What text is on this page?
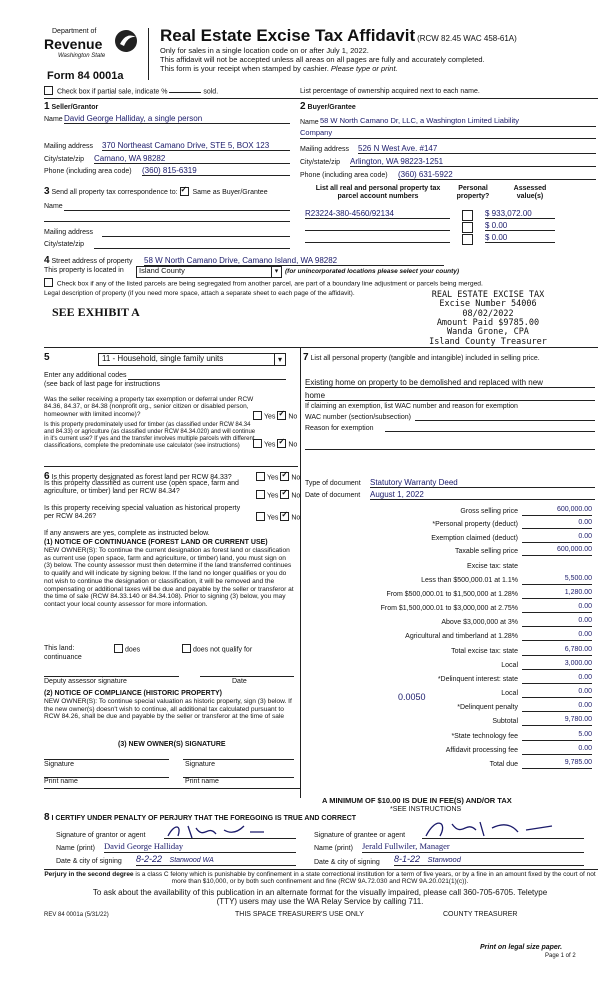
Department of
Revenue
Washington State
Form 84 0001a
Real Estate Excise Tax Affidavit (RCW 82.45 WAC 458-61A)
Only for sales in a single location code on or after July 1, 2022.
This affidavit will not be accepted unless all areas on all pages are fully and accurately completed.
This form is your receipt when stamped by cashier. Please type or print.
Check box if partial sale, indicate %	sold.	List percentage of ownership acquired next to each name.
1 Seller/Grantor
Name David George Halliday, a single person
Mailing address 370 Northeast Camano Drive, STE 5, BOX 123
City/state/zip Camano, WA 98282
Phone (including area code) (360) 815-6319
2 Buyer/Grantee
Name 58 W North Camano Dr, LLC, a Washington Limited Liability
Company
Mailing address 526 N West Ave. #147
City/state/zip Arlington, WA 98223-1251
Phone (including area code) (360) 631-5922
3 Send all property tax correspondence to: ✓ Same as Buyer/Grantee
Name
Mailing address
City/state/zip
List all real and personal property tax parcel account numbers
Personal property?
Assessed value(s)
R23224-380-4560/92134	$ 933,072.00
$ 0.00
$ 0.00
4 Street address of property 58 W North Camano Drive, Camano Island, WA 98282
This property is located in	Island County	▾	(for unincorporated locations please select your county)
Check box if any of the listed parcels are being segregated from another parcel, are part of a boundary line adjustment or parcels being merged.
Legal description of property (if you need more space, attach a separate sheet to each page of the affidavit).
SEE EXHIBIT A
REAL ESTATE EXCISE TAX
Excise Number 54006
08/02/2022
Amount Paid $9785.00
Wanda Grone, CPA
Island County Treasurer
5	11 - Household, single family units	▾
Enter any additional codes
(see back of last page for instructions
Was the seller receiving a property tax exemption or deferral under RCW 84.36, 84.37, or 84.38 (nonprofit org., senior citizen or disabled person, homeowner with limited income)?	Yes ✓ No
Is this property predominately used for timber (as classified under RCW 84.34 and 84.33) or agriculture (as classified under RCW 84.34.020) and will continue in it's current use? If yes and the transfer involves multiple parcels with different classifications, complete the predominate use calculator (see instructions)	Yes ✓ No
7 List all personal property (tangible and intangible) included in selling price.
Existing home on property to be demolished and replaced with new
home
If claiming an exemption, list WAC number and reason for exemption
WAC number (section/subsection)
Reason for exemption
6 Is this property designated as forest land per RCW 84.33?	Yes ✓ No
Is this property classified as current use (open space, farm and agriculture, or timber) land per RCW 84.34?
Yes ✓ No
Is this property receiving special valuation as historical property per RCW 84.26?	Yes ✓ No
If any answers are yes, complete as instructed below.
(1) NOTICE OF CONTINUANCE (FOREST LAND OR CURRENT USE)
NEW OWNER(S): To continue the current designation as forest land or classification as current use (open space, farm and agriculture, or timber) land, you must sign on (3) below. The county assessor must then determine if the land transferred continues to qualify and will indicate by signing below. If the land no longer qualifies or you do not wish to continue the designation or classification, it will be removed and the compensating or additional taxes will be due and payable by the seller or transferor at the time of sale (RCW 84.33.140 or 84.34.108). Prior to signing (3) below, you may contact your local county assessor for more information.
This land:	does	does not qualify for
continuance
Deputy assessor signature	Date
(2) NOTICE OF COMPLIANCE (HISTORIC PROPERTY)
NEW OWNER(S): To continue special valuation as historic property, sign (3) below. If the new owner(s) doesn't wish to continue, all additional tax calculated pursuant to RCW 84.26, shall be due and payable by the seller or transferor at the time of sale
(3) NEW OWNER(S) SIGNATURE
Signature	Signature
Print name	Print name
Type of document Statutory Warranty Deed
Date of document August 1, 2022
Gross selling price	600,000.00
*Personal property (deduct)	0.00
Exemption claimed (deduct)	0.00
Taxable selling price	600,000.00
Excise tax: state
Less than $500,000.01 at 1.1%	5,500.00
From $500,000.01 to $1,500,000 at 1.28%	1,280.00
From $1,500,000.01 to $3,000,000 at 2.75%	0.00
Above $3,000,000 at 3%	0.00
Agricultural and timberland at 1.28%	0.00
Total excise tax: state	6,780.00
Local	3,000.00
*Delinquent interest: state	0.00
Local	0.00
*Delinquent penalty	0.00
Subtotal	9,780.00
*State technology fee	5.00
Affidavit processing fee	0.00
Total due	9,785.00
0.0050
A MINIMUM OF $10.00 IS DUE IN FEE(S) AND/OR TAX
*SEE INSTRUCTIONS
8 I CERTIFY UNDER PENALTY OF PERJURY THAT THE FOREGOING IS TRUE AND CORRECT
Signature of grantor or agent
Name (print) David George Halliday
Date & city of signing 8-2-22 Stanwood WA
Signature of grantee or agent
Name (print) Jerald Fullwiler, Manager
Date & city of signing 8-1-22 Stanwood
Perjury in the second degree is a class C felony which is punishable by confinement in a state correctional institution for a term of five years, or by a fine in an amount fixed by the court of not more than $10,000, or by both such confinement and fine (RCW 9A.72.030 and RCW 9A.20.021(1)(c)).
To ask about the availability of this publication in an alternate format for the visually impaired, please call 360-705-6705. Teletype
(TTY) users may use the WA Relay Service by calling 711.
REV 84 0001a (5/31/22)	THIS SPACE TREASURER'S USE ONLY	COUNTY TREASURER
Print on legal size paper.
Page 1 of 2
